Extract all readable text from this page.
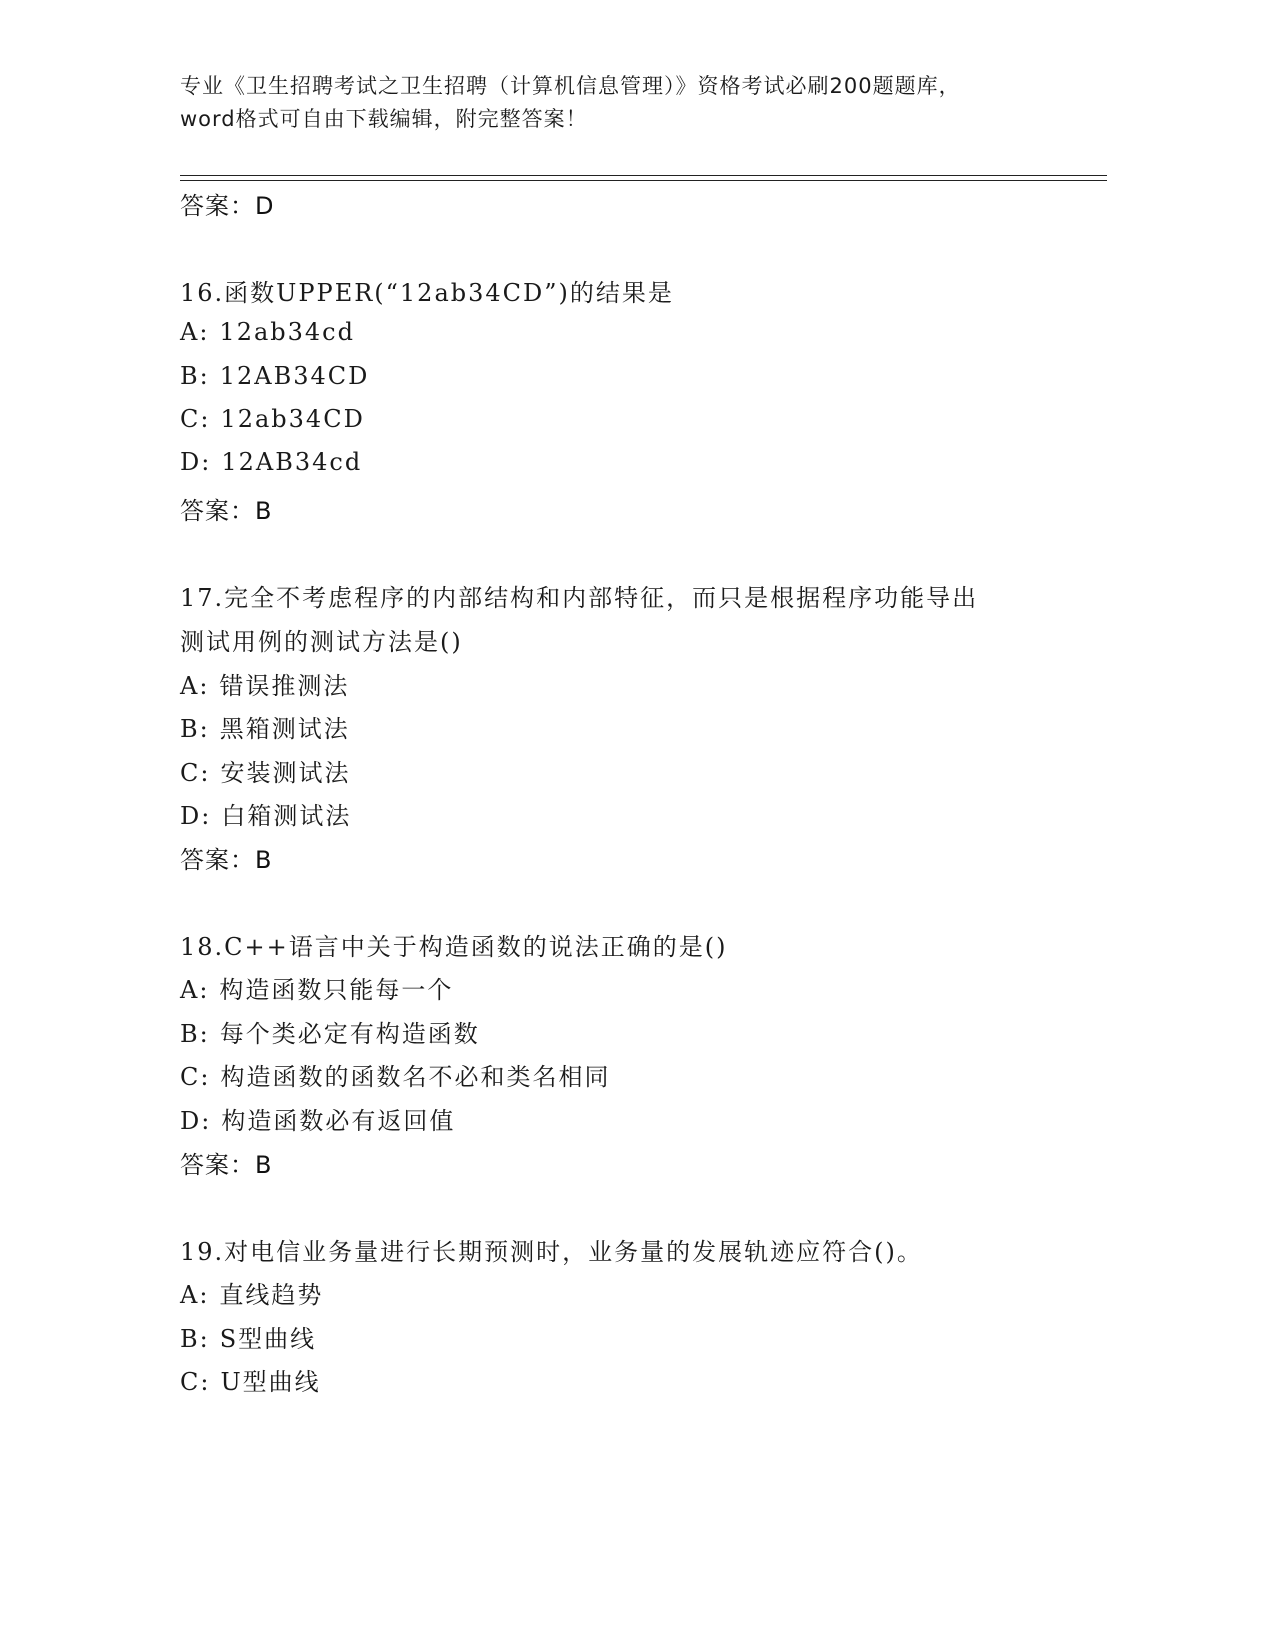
专业《卫生招聘考试之卫生招聘（计算机信息管理）》资格考试必刷200题题库，
word格式可自由下载编辑，附完整答案！
答案：D
16.函数UPPER(“12ab34CD”)的结果是
A: 12ab34cd
B: 12AB34CD
C: 12ab34CD
D: 12AB34cd
答案：B
17.完全不考虑程序的内部结构和内部特征，而只是根据程序功能导出
测试用例的测试方法是()
A: 错误推测法
B: 黑箱测试法
C: 安装测试法
D: 白箱测试法
答案：B
18.C++语言中关于构造函数的说法正确的是()
A: 构造函数只能每一个
B: 每个类必定有构造函数
C: 构造函数的函数名不必和类名相同
D: 构造函数必有返回值
答案：B
19.对电信业务量进行长期预测时，业务量的发展轨迹应符合()。
A: 直线趋势
B: S型曲线
C: U型曲线
